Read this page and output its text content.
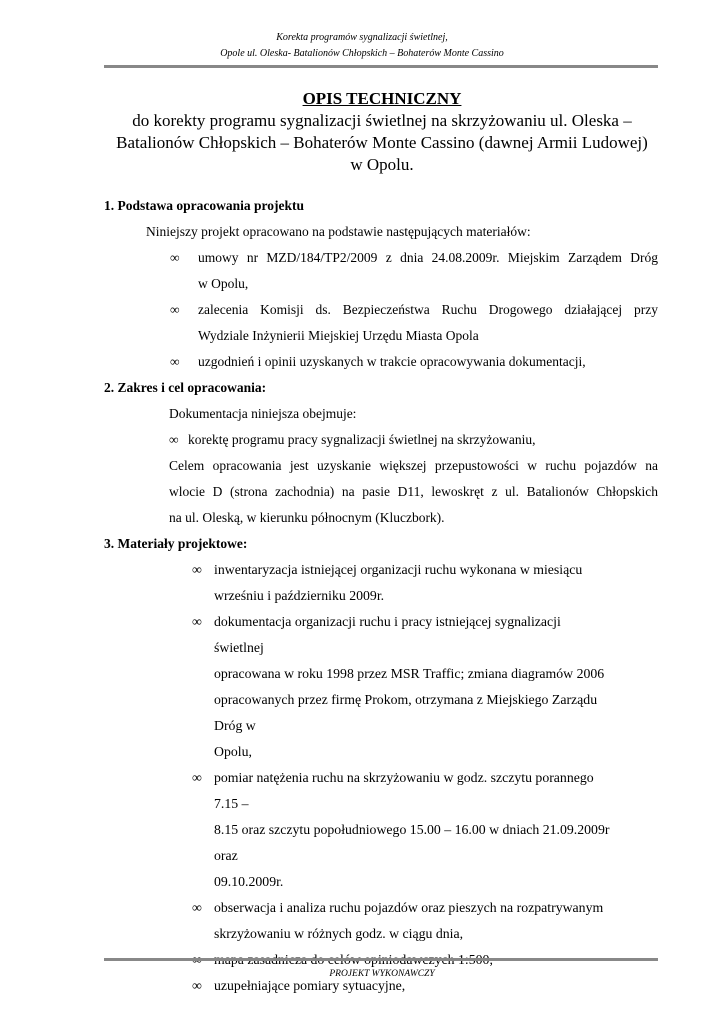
Korekta programów sygnalizacji świetlnej,
Opole ul. Oleska- Batalionów Chłopskich – Bohaterów Monte Cassino
OPIS TECHNICZNY
do korekty programu sygnalizacji świetlnej na skrzyżowaniu ul. Oleska –
Batalionów Chłopskich – Bohaterów Monte Cassino (dawnej Armii Ludowej)
w Opolu.
1. Podstawa opracowania projektu
Niniejszy projekt opracowano na podstawie następujących materiałów:
∞ umowy nr MZD/184/TP2/2009 z dnia 24.08.2009r. Miejskim Zarządem Dróg
w Opolu,
∞ zalecenia Komisji ds. Bezpieczeństwa Ruchu Drogowego działającej przy
Wydziale Inżynierii Miejskiej Urzędu Miasta Opola
∞ uzgodnień i opinii uzyskanych w trakcie opracowywania dokumentacji,
2. Zakres i cel opracowania:
Dokumentacja niniejsza obejmuje:
∞ korektę programu pracy sygnalizacji świetlnej na skrzyżowaniu,
Celem opracowania jest uzyskanie większej przepustowości w ruchu pojazdów na
wlocie D (strona zachodnia) na pasie D11, lewoskręt z ul. Batalionów Chłopskich
na ul. Oleską, w kierunku północnym (Kluczbork).
3. Materiały projektowe:
∞ inwentaryzacja istniejącej organizacji ruchu wykonana w miesiącu
wrześniu i październiku 2009r.
∞ dokumentacja organizacji ruchu i pracy istniejącej sygnalizacji świetlnej
opracowana w roku 1998 przez MSR Traffic; zmiana diagramów 2006
opracowanych przez firmę Prokom, otrzymana z Miejskiego Zarządu Dróg w
Opolu,
∞ pomiar natężenia ruchu na skrzyżowaniu w godz. szczytu porannego 7.15 –
8.15 oraz szczytu popołudniowego 15.00 – 16.00 w dniach 21.09.2009r oraz
09.10.2009r.
∞ obserwacja i analiza ruchu pojazdów oraz pieszych na rozpatrywanym
skrzyżowaniu w różnych godz. w ciągu dnia,
∞ uzupełniające pomiary sytuacyjne,
PROJEKT WYKONAWCZY
